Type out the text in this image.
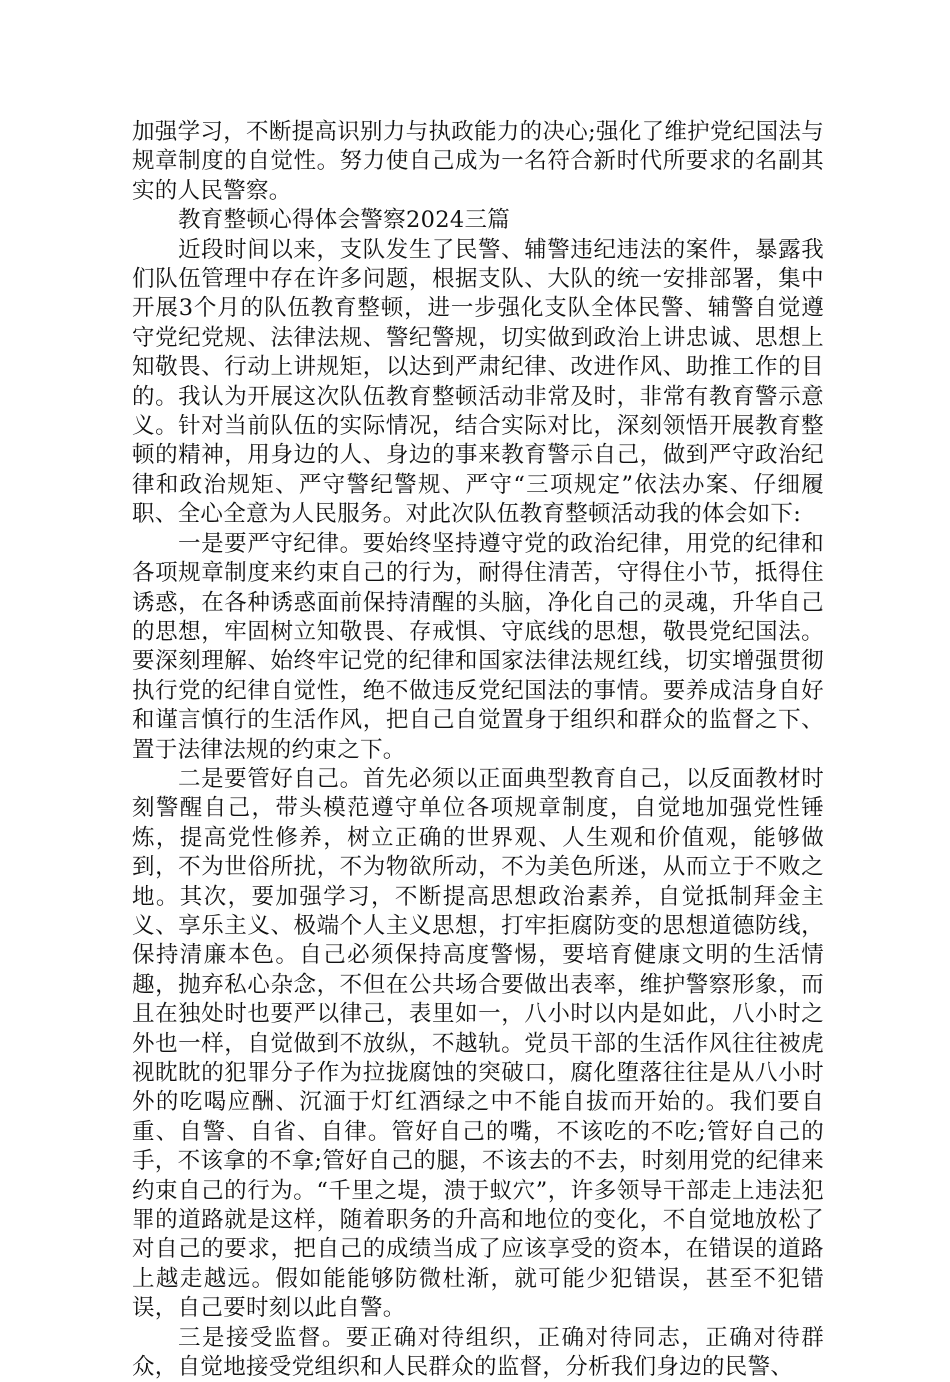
加强学习，不断提高识别力与执政能力的决心;强化了维护党纪国法与规章制度的自觉性。努力使自己成为一名符合新时代所要求的名副其实的人民警察。

教育整顿心得体会警察2024三篇

近段时间以来，支队发生了民警、辅警违纪违法的案件，暴露我们队伍管理中存在许多问题，根据支队、大队的统一安排部署，集中开展3个月的队伍教育整顿，进一步强化支队全体民警、辅警自觉遵守党纪党规、法律法规、警纪警规，切实做到政治上讲忠诚、思想上知敬畏、行动上讲规矩，以达到严肃纪律、改进作风、助推工作的目的。我认为开展这次队伍教育整顿活动非常及时，非常有教育警示意义。针对当前队伍的实际情况，结合实际对比，深刻领悟开展教育整顿的精神，用身边的人、身边的事来教育警示自己，做到严守政治纪律和政治规矩、严守警纪警规、严守“三项规定”依法办案、仔细履职、全心全意为人民服务。对此次队伍教育整顿活动我的体会如下:

一是要严守纪律。要始终坚持遵守党的政治纪律，用党的纪律和各项规章制度来约束自己的行为，耐得住清苦，守得住小节，抵得住诱惑，在各种诱惑面前保持清醒的头脑，净化自己的灵魂，升华自己的思想，牢固树立知敬畏、存戒惧、守底线的思想，敬畏党纪国法。要深刻理解、始终牢记党的纪律和国家法律法规红线，切实增强贯彻执行党的纪律自觉性，绝不做违反党纪国法的事情。要养成洁身自好和谨言慎行的生活作风，把自己自觉置身于组织和群众的监督之下、置于法律法规的约束之下。

二是要管好自己。首先必须以正面典型教育自己，以反面教材时刻警醒自己，带头模范遵守单位各项规章制度，自觉地加强党性锤炼，提高党性修养，树立正确的世界观、人生观和价值观，能够做到，不为世俗所扰，不为物欲所动，不为美色所迷，从而立于不败之地。其次，要加强学习，不断提高思想政治素养，自觉抵制拜金主义、享乐主义、极端个人主义思想，打牢拒腐防变的思想道德防线，保持清廉本色。自己必须保持高度警惕，要培育健康文明的生活情趣，抛弃私心杂念，不但在公共场合要做出表率，维护警察形象，而且在独处时也要严以律己，表里如一，八小时以内是如此，八小时之外也一样，自觉做到不放纵，不越轨。党员干部的生活作风往往被虎视眈眈的犯罪分子作为拉拢腐蚀的突破口，腐化堕落往往是从八小时外的吃喝应酬、沉湎于灯红酒绿之中不能自拔而开始的。我们要自重、自警、自省、自律。管好自己的嘴，不该吃的不吃;管好自己的手，不该拿的不拿;管好自己的腿，不该去的不去，时刻用党的纪律来约束自己的行为。“千里之堤，溃于蚁穴”，许多领导干部走上违法犯罪的道路就是这样，随着职务的升高和地位的变化，不自觉地放松了对自己的要求，把自己的成绩当成了应该享受的资本，在错误的道路上越走越远。假如能能够防微杜渐，就可能少犯错误，甚至不犯错误，自己要时刻以此自警。

三是接受监督。要正确对待组织，正确对待同志，正确对待群众，自觉地接受党组织和人民群众的监督，分析我们身边的民警、
